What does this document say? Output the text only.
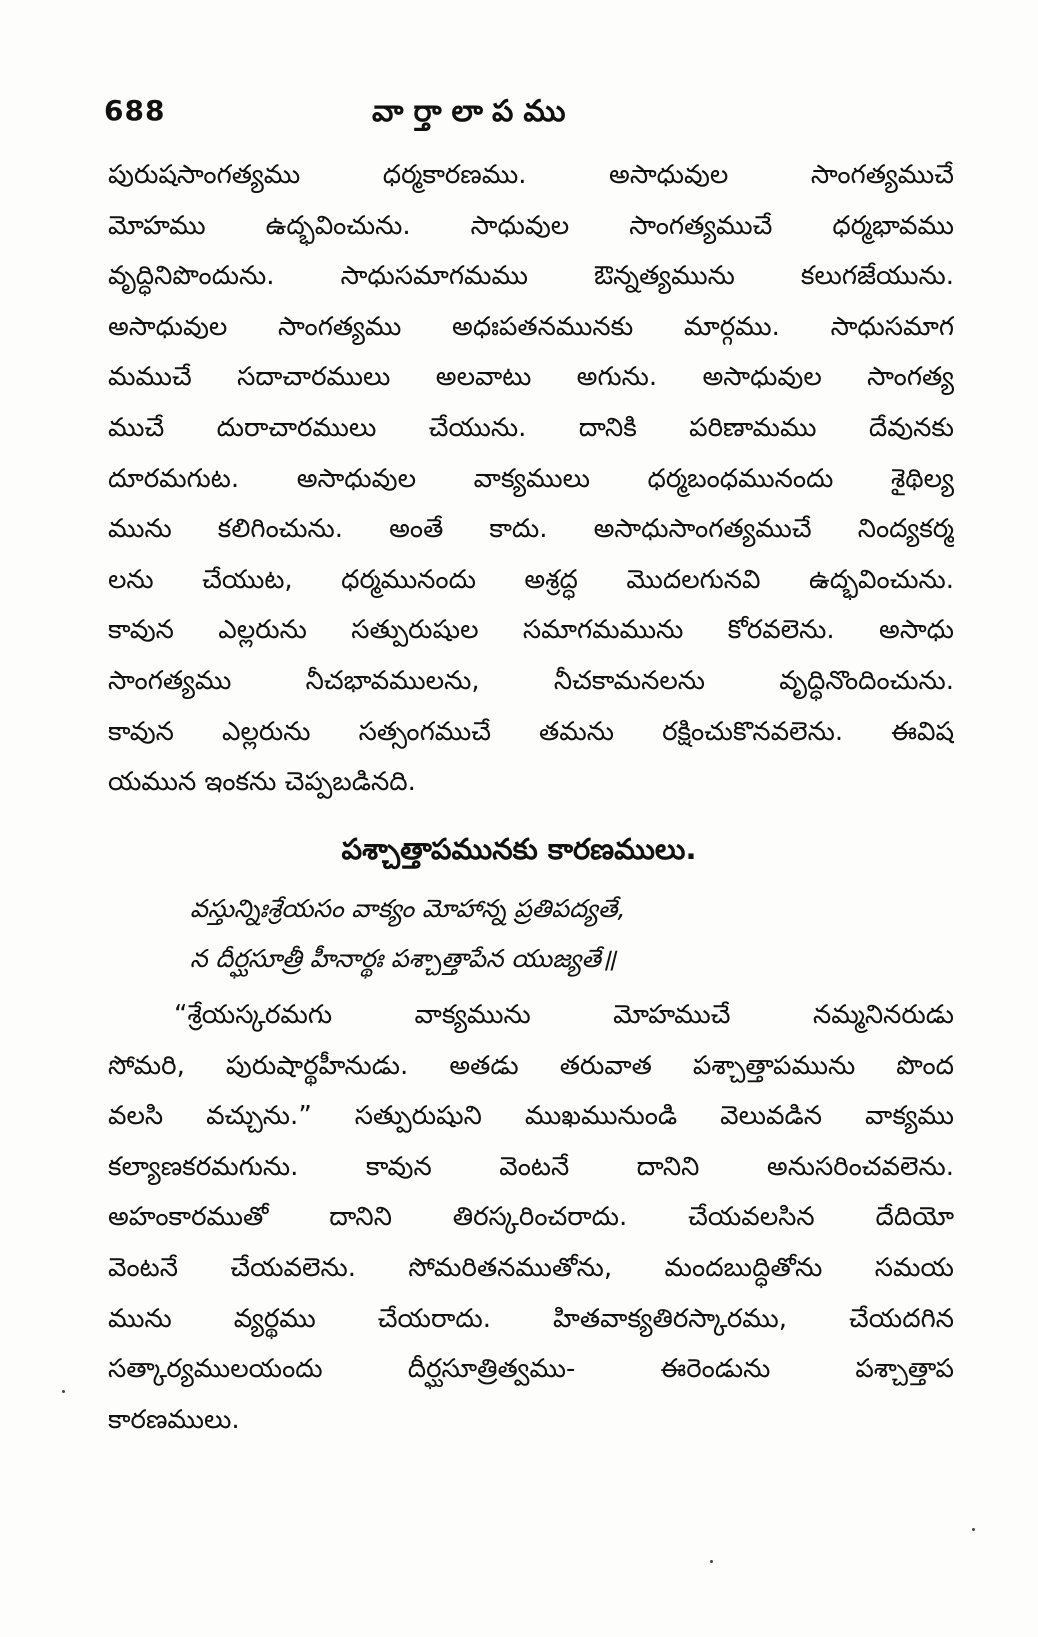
688	వార్తాలాపము
పురుషసాంగత్యము ధర్మకారణము. అసాధువుల సాంగత్యముచే
మోహము ఉద్భవించును. సాధువుల సాంగత్యముచే ధర్మభావము
వృద్ధినిపొందును. సాధుసమాగమము ఔన్నత్యమును కలుగజేయును.
అసాధువుల సాంగత్యము అధఃపతనమునకు మార్గము. సాధుసమాగ
మముచే సదాచారములు అలవాటు అగును. అసాధువుల సాంగత్య
ముచే దురాచారములు చేయును. దానికి పరిణామము దేవునకు
దూరమగుట. అసాధువుల వాక్యములు ధర్మబంధమునందు శైథిల్య
మును కలిగించును. అంతే కాదు. అసాధుసాంగత్యముచే నింద్యకర్మ
లను చేయుట, ధర్మమునందు అశ్రద్ధ మొదలగునవి ఉద్భవించును.
కావున ఎల్లరును సత్పురుషుల సమాగమమును కోరవలెను. అసాధు
సాంగత్యము నీచభావములను, నీచకామనలను వృద్ధినొందించును.
కావున ఎల్లరును సత్సంగముచే తమను రక్షించుకొనవలెను. ఈవిష
యమున ఇంకను చెప్పబడినది.
పశ్చాత్తాపమునకు కారణములు.
వస్తున్నిఃశ్రేయసం వాక్యం మోహాన్న ప్రతిపద్యతే,
న దీర్ఘసూత్రీ హీనార్థః పశ్చాత్తాపేన యుజ్యతే॥
“శ్రేయస్కరమగు వాక్యమును మోహముచే నమ్మనినరుడు
సోమరి, పురుషార్థహీనుడు. అతడు తరువాత పశ్చాత్తాపమును పొంద
వలసి వచ్చును.” సత్పురుషుని ముఖమునుండి వెలువడిన వాక్యము
కల్యాణకరమగును. కావున వెంటనే దానిని అనుసరించవలెను.
అహంకారముతో దానిని తిరస్కరించరాదు. చేయవలసిన దేదియో
వెంటనే చేయవలెను. సోమరితనముతోను, మందబుద్ధితోను సమయ
మును వ్యర్థము చేయరాదు. హితవాక్యతిరస్కారము, చేయదగిన
సత్కార్యములయందు దీర్ఘసూత్రిత్వము- ఈరెండును పశ్చాత్తాప
కారణములు.
